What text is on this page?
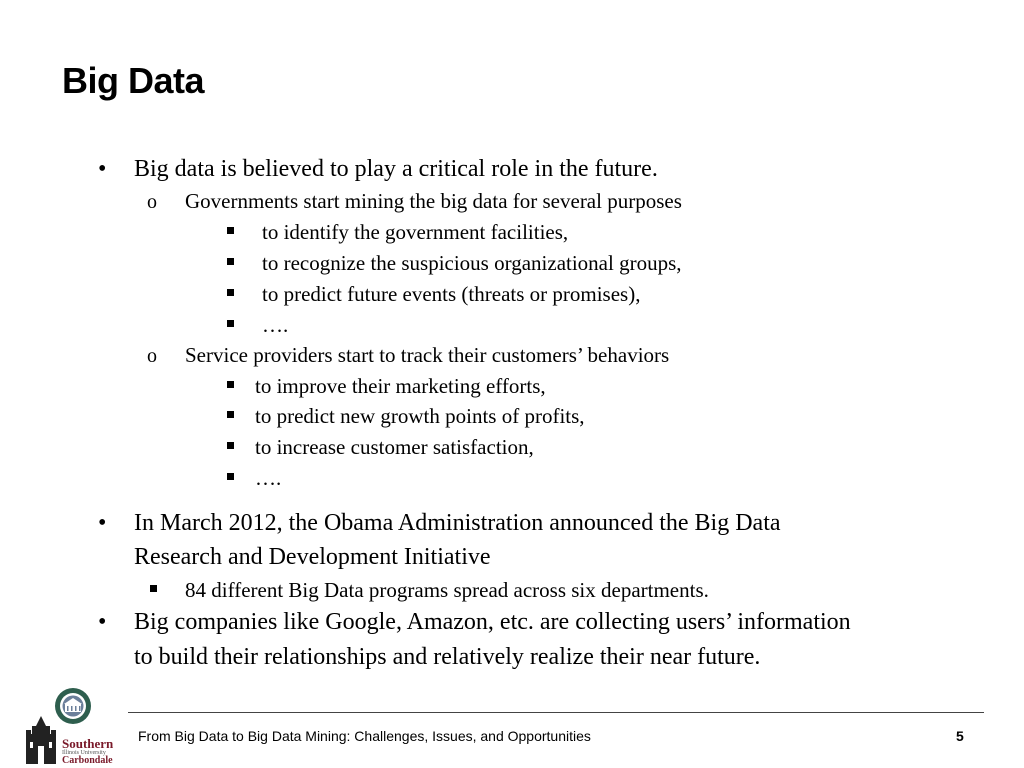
Big Data
• Big data is believed to play a critical role in the future.
o Governments start mining the big data for several purposes
to identify the government facilities,
to recognize the suspicious organizational groups,
to predict future events (threats or promises),
….
o Service providers start to track their customers’ behaviors
to improve their marketing efforts,
to predict new growth points of profits,
to increase customer satisfaction,
….
• In March 2012, the Obama Administration announced the Big Data
Research and Development Initiative
84 different Big Data programs spread across six departments.
• Big companies like Google, Amazon, etc. are collecting users’ information
to build their relationships and relatively realize their near future.
Southern
Illinois University
Carbondale
From Big Data to Big Data Mining: Challenges, Issues, and Opportunities	5
